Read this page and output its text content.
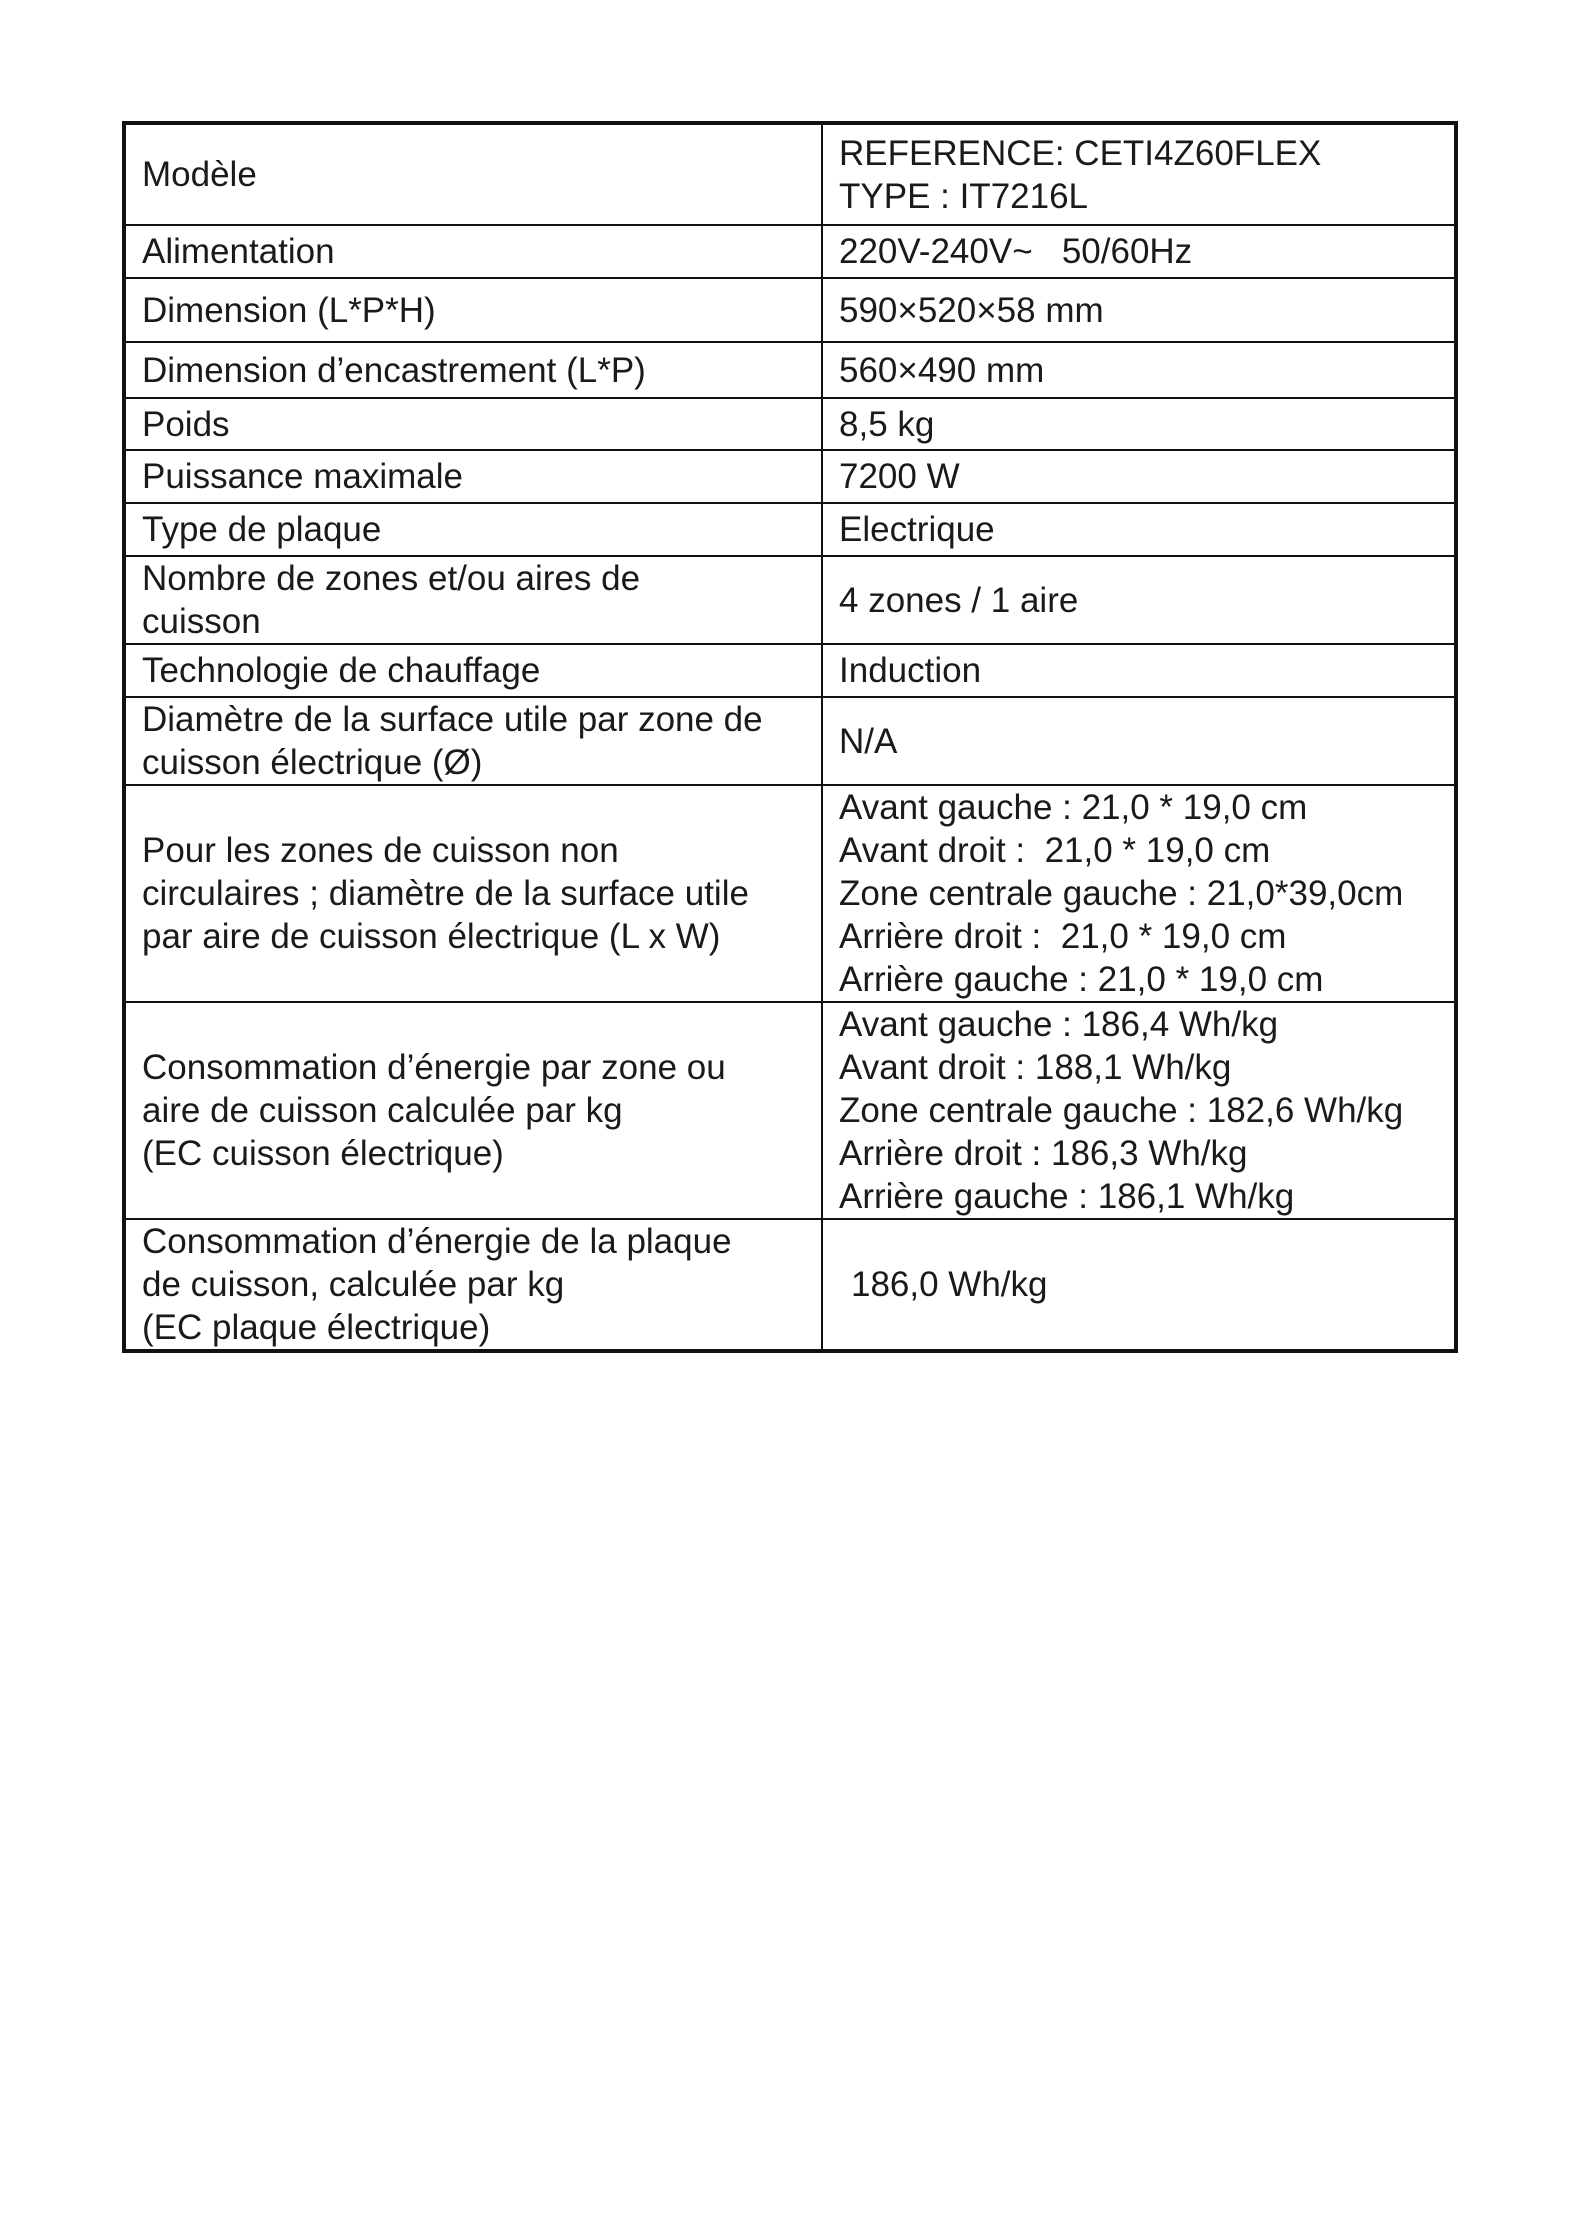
Modèle	REFERENCE: CETI4Z60FLEX
TYPE : IT7216L

Alimentation	220V-240V~   50/60Hz

Dimension (L*P*H)	590×520×58 mm

Dimension d’encastrement (L*P)	560×490 mm

Poids	8,5 kg

Puissance maximale	7200 W

Type de plaque	Electrique

Nombre de zones et/ou aires de
cuisson	4 zones / 1 aire

Technologie de chauffage	Induction

Diamètre de la surface utile par zone de
cuisson électrique (Ø)	N/A

Pour les zones de cuisson non
circulaires ; diamètre de la surface utile
par aire de cuisson électrique (L x W)	Avant gauche : 21,0 * 19,0 cm
Avant droit :  21,0 * 19,0 cm
Zone centrale gauche : 21,0*39,0cm
Arrière droit :  21,0 * 19,0 cm
Arrière gauche : 21,0 * 19,0 cm

Consommation d’énergie par zone ou
aire de cuisson calculée par kg
(EC cuisson électrique)	Avant gauche : 186,4 Wh/kg
Avant droit : 188,1 Wh/kg
Zone centrale gauche : 182,6 Wh/kg
Arrière droit : 186,3 Wh/kg
Arrière gauche : 186,1 Wh/kg

Consommation d’énergie de la plaque
de cuisson, calculée par kg
(EC plaque électrique)	186,0 Wh/kg
